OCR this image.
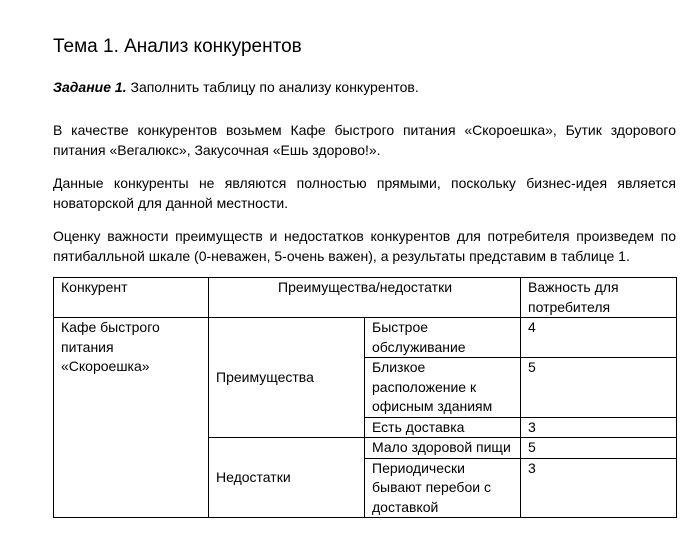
Тема 1. Анализ конкурентов
Задание 1. Заполнить таблицу по анализу конкурентов.
В качестве конкурентов возьмем Кафе быстрого питания «Скороешка», Бутик здорового питания «Вегалюкс», Закусочная «Ешь здорово!».
Данные конкуренты не являются полностью прямыми, поскольку бизнес-идея является новаторской для данной местности.
Оценку важности преимуществ и недостатков конкурентов для потребителя произведем по пятибалльной шкале (0-неважен, 5-очень важен), а результаты представим в таблице 1.
Конкурент	Преимущества/недостатки		Важность для потребителя
Кафе быстрого питания «Скороешка»	Преимущества	Быстрое обслуживание	4
		Близкое расположение к офисным зданиям	5
		Есть доставка	3
	Недостатки	Мало здоровой пищи	5
		Периодически бывают перебои с доставкой	3
